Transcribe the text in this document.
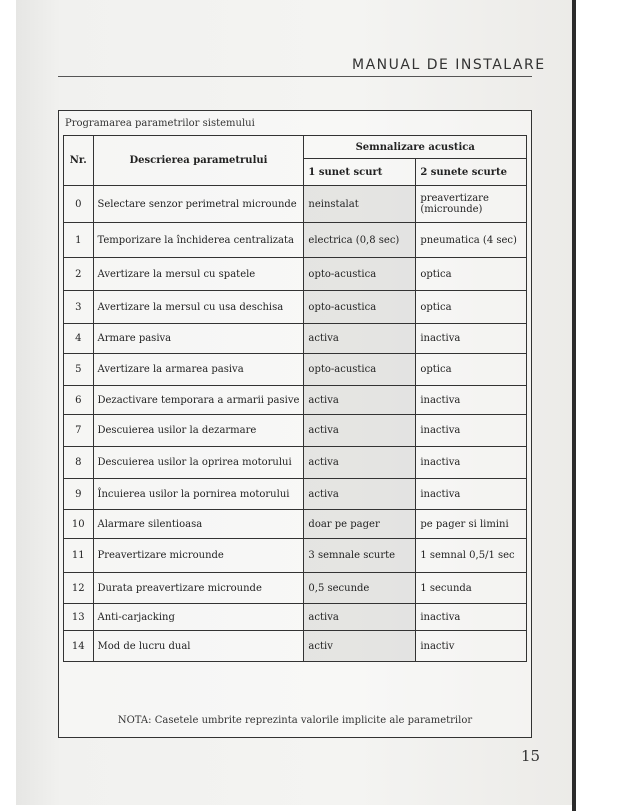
MANUAL DE INSTALARE
Programarea parametrilor sistemului
Nr.	Descrierea parametrului	Semnalizare acustica	
		1 sunet scurt	2 sunete scurte
0	Selectare senzor perimetral microunde	neinstalat	preavertizare (microunde)
1	Temporizare la închiderea centralizata	electrica (0,8 sec)	pneumatica (4 sec)
2	Avertizare la mersul cu spatele	opto-acustica	optica
3	Avertizare la mersul cu usa deschisa	opto-acustica	optica
4	Armare pasiva	activa	inactiva
5	Avertizare la armarea pasiva	opto-acustica	optica
6	Dezactivare temporara a armarii pasive	activa	inactiva
7	Descuierea usilor la dezarmare	activa	inactiva
8	Descuierea usilor la oprirea motorului	activa	inactiva
9	Încuierea usilor la pornirea motorului	activa	inactiva
10	Alarmare silentioasa	doar pe pager	pe pager si limini
11	Preavertizare microunde	3 semnale scurte	1 semnal 0,5/1 sec
12	Durata preavertizare microunde	0,5 secunde	1 secunda
13	Anti-carjacking	activa	inactiva
14	Mod de lucru dual	activ	inactiv
NOTA: Casetele umbrite reprezinta valorile implicite ale parametrilor
15
